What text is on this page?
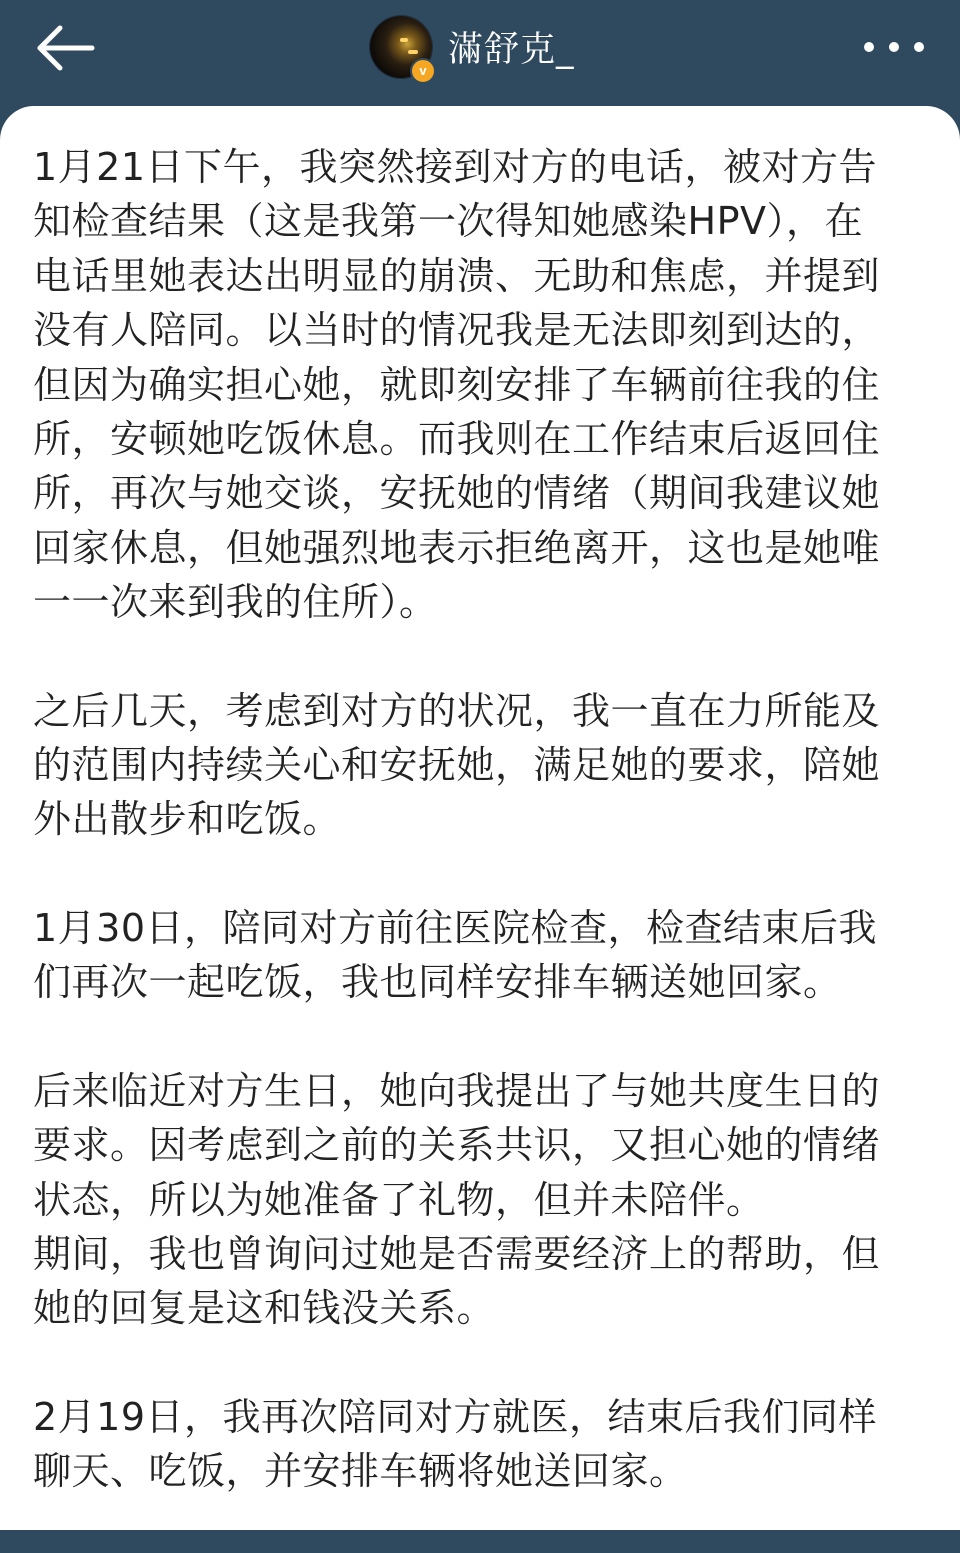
v
滿舒克_
1月21日下午，我突然接到对方的电话，被对方告
知检查结果（这是我第一次得知她感染HPV），在
电话里她表达出明显的崩溃、无助和焦虑，并提到
没有人陪同。以当时的情况我是无法即刻到达的，
但因为确实担心她，就即刻安排了车辆前往我的住
所，安顿她吃饭休息。而我则在工作结束后返回住
所，再次与她交谈，安抚她的情绪（期间我建议她
回家休息，但她强烈地表示拒绝离开，这也是她唯
一一次来到我的住所）。
之后几天，考虑到对方的状况，我一直在力所能及
的范围内持续关心和安抚她，满足她的要求，陪她
外出散步和吃饭。
1月30日，陪同对方前往医院检查，检查结束后我
们再次一起吃饭，我也同样安排车辆送她回家。
后来临近对方生日，她向我提出了与她共度生日的
要求。因考虑到之前的关系共识，又担心她的情绪
状态，所以为她准备了礼物，但并未陪伴。
期间，我也曾询问过她是否需要经济上的帮助，但
她的回复是这和钱没关系。
2月19日，我再次陪同对方就医，结束后我们同样
聊天、吃饭，并安排车辆将她送回家。
